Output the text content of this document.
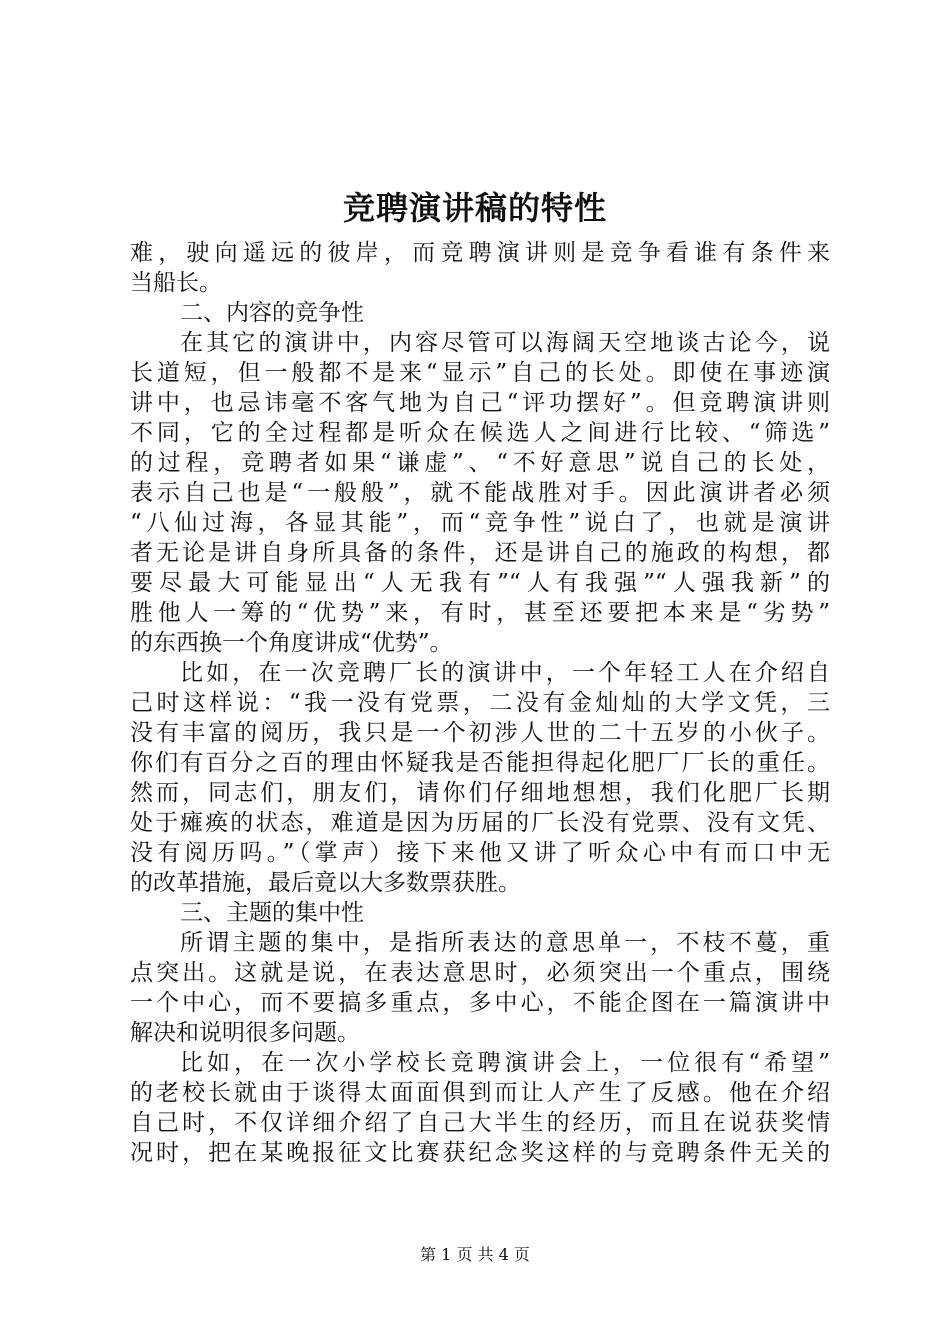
竞聘演讲稿的特性
难，驶向遥远的彼岸，而竞聘演讲则是竞争看谁有条件来
当船长。
二、内容的竞争性
在其它的演讲中，内容尽管可以海阔天空地谈古论今，说
长道短，但一般都不是来“显示”自己的长处。即使在事迹演
讲中，也忌讳毫不客气地为自己“评功摆好”。但竞聘演讲则
不同，它的全过程都是听众在候选人之间进行比较、“筛选”
的过程，竞聘者如果“谦虚”、“不好意思”说自己的长处，
表示自己也是“一般般”，就不能战胜对手。因此演讲者必须
“八仙过海，各显其能”，而“竞争性”说白了，也就是演讲
者无论是讲自身所具备的条件，还是讲自己的施政的构想，都
要尽最大可能显出“人无我有”“人有我强”“人强我新”的
胜他人一筹的“优势”来，有时，甚至还要把本来是“劣势”
的东西换一个角度讲成“优势”。
比如，在一次竞聘厂长的演讲中，一个年轻工人在介绍自
己时这样说：“我一没有党票，二没有金灿灿的大学文凭，三
没有丰富的阅历，我只是一个初涉人世的二十五岁的小伙子。
你们有百分之百的理由怀疑我是否能担得起化肥厂厂长的重任。
然而，同志们，朋友们，请你们仔细地想想，我们化肥厂长期
处于瘫痪的状态，难道是因为历届的厂长没有党票、没有文凭、
没有阅历吗。”（掌声）接下来他又讲了听众心中有而口中无
的改革措施，最后竟以大多数票获胜。
三、主题的集中性
所谓主题的集中，是指所表达的意思单一，不枝不蔓，重
点突出。这就是说，在表达意思时，必须突出一个重点，围绕
一个中心，而不要搞多重点，多中心，不能企图在一篇演讲中
解决和说明很多问题。
比如，在一次小学校长竞聘演讲会上，一位很有“希望”
的老校长就由于谈得太面面俱到而让人产生了反感。他在介绍
自己时，不仅详细介绍了自己大半生的经历，而且在说获奖情
况时，把在某晚报征文比赛获纪念奖这样的与竞聘条件无关的
第 1 页 共 4 页
